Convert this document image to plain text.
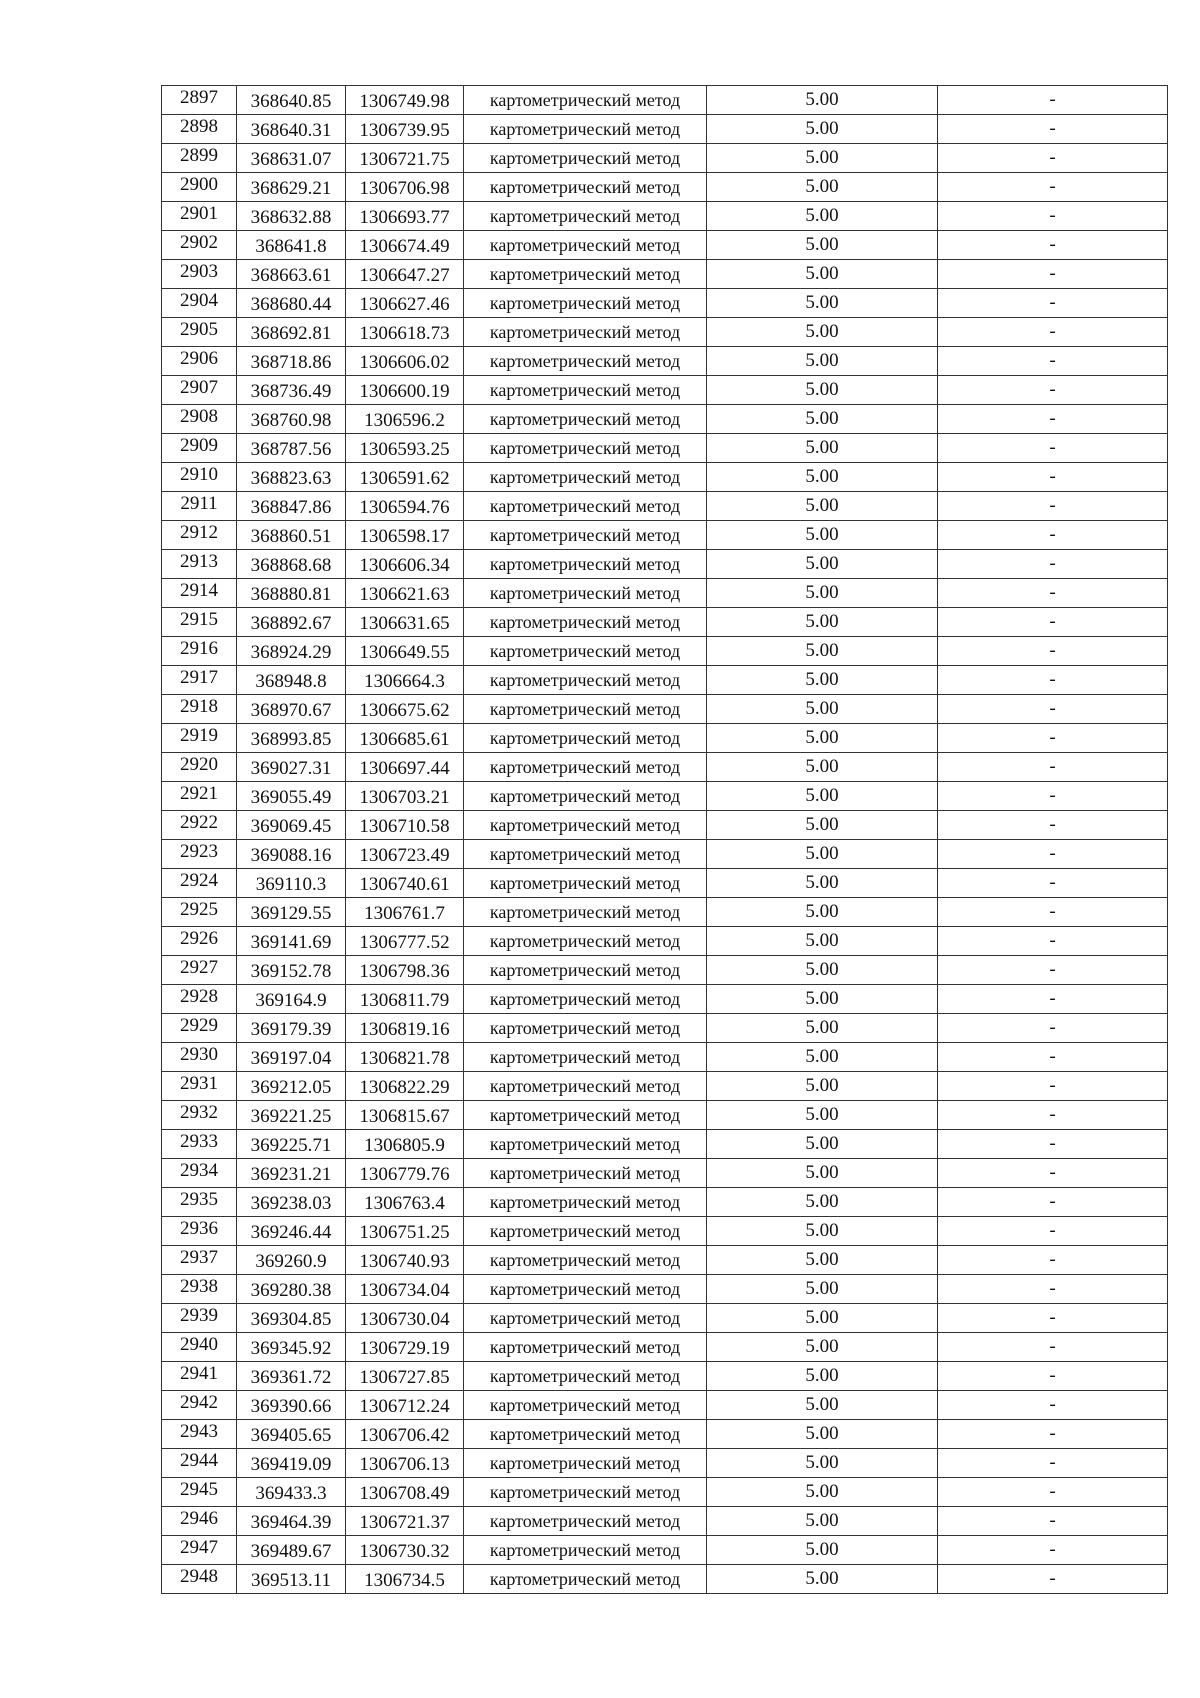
2897	368640.85	1306749.98	картометрический метод	5.00	-
2898	368640.31	1306739.95	картометрический метод	5.00	-
2899	368631.07	1306721.75	картометрический метод	5.00	-
2900	368629.21	1306706.98	картометрический метод	5.00	-
2901	368632.88	1306693.77	картометрический метод	5.00	-
2902	368641.8	1306674.49	картометрический метод	5.00	-
2903	368663.61	1306647.27	картометрический метод	5.00	-
2904	368680.44	1306627.46	картометрический метод	5.00	-
2905	368692.81	1306618.73	картометрический метод	5.00	-
2906	368718.86	1306606.02	картометрический метод	5.00	-
2907	368736.49	1306600.19	картометрический метод	5.00	-
2908	368760.98	1306596.2	картометрический метод	5.00	-
2909	368787.56	1306593.25	картометрический метод	5.00	-
2910	368823.63	1306591.62	картометрический метод	5.00	-
2911	368847.86	1306594.76	картометрический метод	5.00	-
2912	368860.51	1306598.17	картометрический метод	5.00	-
2913	368868.68	1306606.34	картометрический метод	5.00	-
2914	368880.81	1306621.63	картометрический метод	5.00	-
2915	368892.67	1306631.65	картометрический метод	5.00	-
2916	368924.29	1306649.55	картометрический метод	5.00	-
2917	368948.8	1306664.3	картометрический метод	5.00	-
2918	368970.67	1306675.62	картометрический метод	5.00	-
2919	368993.85	1306685.61	картометрический метод	5.00	-
2920	369027.31	1306697.44	картометрический метод	5.00	-
2921	369055.49	1306703.21	картометрический метод	5.00	-
2922	369069.45	1306710.58	картометрический метод	5.00	-
2923	369088.16	1306723.49	картометрический метод	5.00	-
2924	369110.3	1306740.61	картометрический метод	5.00	-
2925	369129.55	1306761.7	картометрический метод	5.00	-
2926	369141.69	1306777.52	картометрический метод	5.00	-
2927	369152.78	1306798.36	картометрический метод	5.00	-
2928	369164.9	1306811.79	картометрический метод	5.00	-
2929	369179.39	1306819.16	картометрический метод	5.00	-
2930	369197.04	1306821.78	картометрический метод	5.00	-
2931	369212.05	1306822.29	картометрический метод	5.00	-
2932	369221.25	1306815.67	картометрический метод	5.00	-
2933	369225.71	1306805.9	картометрический метод	5.00	-
2934	369231.21	1306779.76	картометрический метод	5.00	-
2935	369238.03	1306763.4	картометрический метод	5.00	-
2936	369246.44	1306751.25	картометрический метод	5.00	-
2937	369260.9	1306740.93	картометрический метод	5.00	-
2938	369280.38	1306734.04	картометрический метод	5.00	-
2939	369304.85	1306730.04	картометрический метод	5.00	-
2940	369345.92	1306729.19	картометрический метод	5.00	-
2941	369361.72	1306727.85	картометрический метод	5.00	-
2942	369390.66	1306712.24	картометрический метод	5.00	-
2943	369405.65	1306706.42	картометрический метод	5.00	-
2944	369419.09	1306706.13	картометрический метод	5.00	-
2945	369433.3	1306708.49	картометрический метод	5.00	-
2946	369464.39	1306721.37	картометрический метод	5.00	-
2947	369489.67	1306730.32	картометрический метод	5.00	-
2948	369513.11	1306734.5	картометрический метод	5.00	-
